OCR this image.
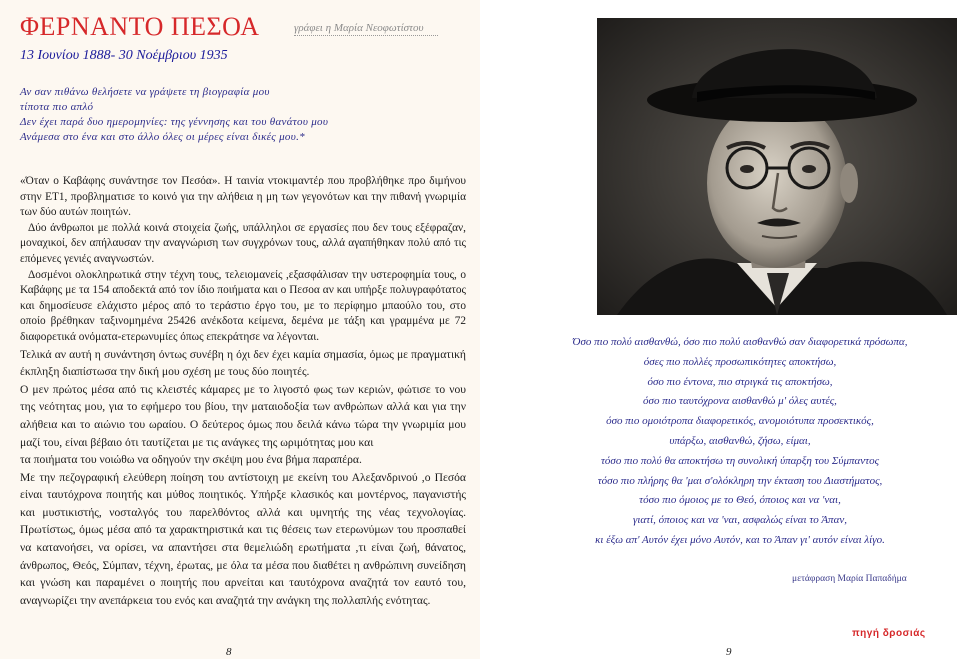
ΦΕΡΝΑΝΤΟ ΠΕΣΟΑ	γράφει η Μαρία Νεοφωτίστου
13 Ιουνίου 1888- 30 Νοέμβριου 1935
Αν σαν πιθάνω θελήσετε να γράψετε τη βιογραφία μου
τίποτα πιο απλό
Δεν έχει παρά δυο ημερομηνίες: της γέννησης και του θανάτου μου
Ανάμεσα στο ένα και στο άλλο όλες οι μέρες είναι δικές μου.*

«Όταν ο Καβάφης συνάντησε τον Πεσόα». Η ταινία ντοκιμαντέρ που προβλήθηκε προ διμήνου στην ΕΤ1, προβληματισε το κοινό για την αλήθεια η μη των γεγονότων και την πιθανή γνωριμία των δύο αυτών ποιητών.

Δύο άνθρωποι με πολλά κοινά στοιχεία ζωής, υπάλληλοι σε εργασίες που δεν τους εξέφραζαν, μοναχικοί, δεν απήλαυσαν την αναγνώριση των συγχρόνων τους, αλλά αγαπήθηκαν πολύ από τις επόμενες γενιές αναγνωστών.

Δοσμένοι ολοκληρωτικά στην τέχνη τους, τελειομανείς ,εξασφάλισαν την υστεροφημία τους, ο Καβάφης με τα 154 αποδεκτά από τον ίδιο ποιήματα και ο Πεσοα αν και υπήρξε πολυγραφότατος και δημοσίευσε ελάχιστο μέρος από το τεράστιο έργο του, με το περίφημο μπαούλο του, στο οποίο βρέθηκαν ταξινομημένα 25426 ανέκδοτα κείμενα, δεμένα με τάξη και γραμμένα με 72 διαφορετικά ονόματα-ετερωνυμίες όπως επεκράτησε να λέγονται.

Τελικά αν αυτή η συνάντηση όντως συνέβη η όχι δεν έχει καμία σημασία, όμως με πραγματική έκπληξη διαπίστωσα την δική μου σχέση με τους δύο ποιητές.

Ο μεν πρώτος μέσα από τις κλειστές κάμαρες με το λιγοστό φως των κεριών, φώτισε το νου της νεότητας μου, για το εφήμερο του βίου, την ματαιοδοξία των ανθρώπων αλλά και για την αλήθεια και το αιώνιο του ωραίου. Ο δεύτερος όμως που δειλά κάνω τώρα την γνωριμία μου μαζί του, είναι βέβαιο ότι ταυτίζεται με τις ανάγκες της ωριμότητας μου και

τα ποιήματα του νοιώθω να οδηγούν την σκέψη μου ένα βήμα παραπέρα.

Με την πεζογραφική ελεύθερη ποίηση του αντίστοιχη με εκείνη του Αλεξανδρινού ,ο Πεσόα είναι ταυτόχρονα ποιητής και μύθος ποιητικός. Υπήρξε κλασικός και μοντέρνος, παγανιστής και μυστικιστής, νοσταλγός του παρελθόντος αλλά και υμνητής της νέας τεχνολογίας. Πρωτίστως, όμως μέσα από τα χαρακτηριστικά και τις θέσεις των ετερωνύμων του προσπαθεί να κατανοήσει, να ορίσει, να απαντήσει στα θεμελιώδη ερωτήματα ,τι είναι ζωή, θάνατος, άνθρωπος, Θεός, Σύμπαν, τέχνη, έρωτας, με όλα τα μέσα που διαθέτει η ανθρώπινη συνείδηση και γνώση και παραμένει ο ποιητής που αρνείται και ταυτόχρονα αναζητά τον εαυτό του, αναγνωρίζει την ανεπάρκεια του ενός και αναζητά την ανάγκη της πολλαπλής ενότητας.

8
Όσο πιο πολύ αισθανθώ, όσο πιο πολύ αισθανθώ σαν διαφορετικά πρόσωπα,
όσες πιο πολλές προσωπικότητες αποκτήσω,
όσο πιο έντονα, πιο στριγκά τις αποκτήσω,
όσο πιο ταυτόχρονα αισθανθώ μ' όλες αυτές,
όσο πιο ομοιότροπα διαφορετικός, ανομοιότυπα προσεκτικός,
υπάρξω, αισθανθώ, ζήσω, είμαι,
τόσο πιο πολύ θα αποκτήσω τη συνολική ύπαρξη του Σύμπαντος
τόσο πιο πλήρης θα 'μαι σ'ολόκληρη την έκταση του Διαστήματος,
τόσο πιο όμοιος με το Θεό, όποιος και να 'ναι,
γιατί, όποιος και να 'ναι, ασφαλώς είναι το Άπαν,
κι έξω απ' Αυτόν έχει μόνο Αυτόν, και το Άπαν γι' αυτόν είναι λίγο.
μετάφραση Μαρία Παπαδήμα
πηγή δροσιάς
9
